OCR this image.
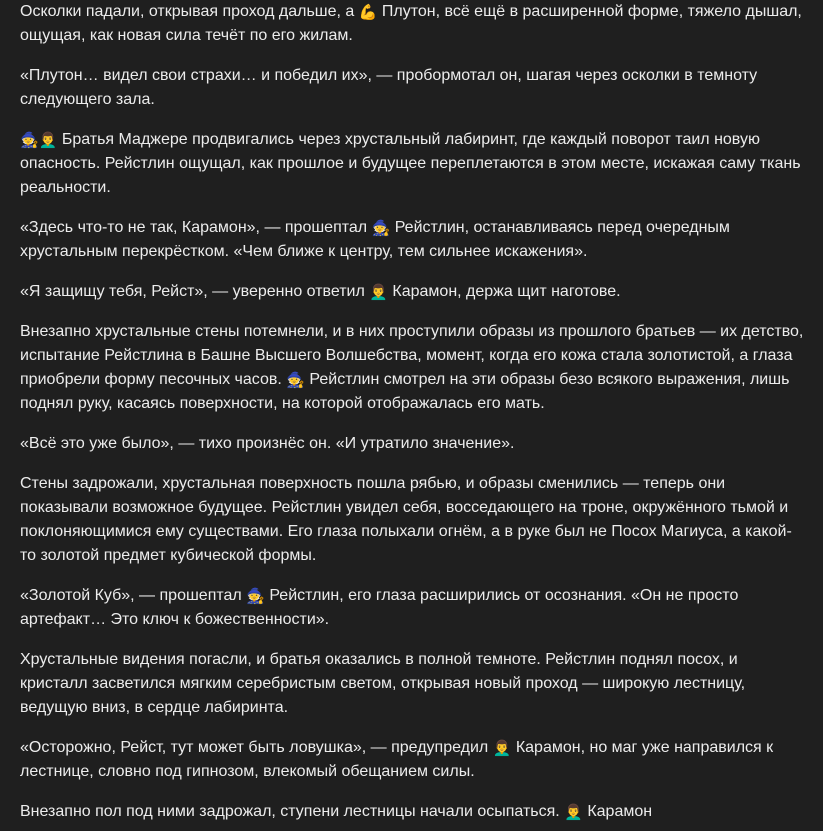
Осколки падали, открывая проход дальше, а 💪 Плутон, всё ещё в расширенной форме, тяжело дышал, ощущая, как новая сила течёт по его жилам.

«Плутон… видел свои страхи… и победил их», — пробормотал он, шагая через осколки в темноту следующего зала.

🧙👨‍🦱 Братья Маджере продвигались через хрустальный лабиринт, где каждый поворот таил новую опасность. Рейстлин ощущал, как прошлое и будущее переплетаются в этом месте, искажая саму ткань реальности.

«Здесь что-то не так, Карамон», — прошептал 🧙 Рейстлин, останавливаясь перед очередным хрустальным перекрёстком. «Чем ближе к центру, тем сильнее искажения».

«Я защищу тебя, Рейст», — уверенно ответил 👨‍🦱 Карамон, держа щит наготове.

Внезапно хрустальные стены потемнели, и в них проступили образы из прошлого братьев — их детство, испытание Рейстлина в Башне Высшего Волшебства, момент, когда его кожа стала золотистой, а глаза приобрели форму песочных часов. 🧙 Рейстлин смотрел на эти образы безо всякого выражения, лишь поднял руку, касаясь поверхности, на которой отображалась его мать.

«Всё это уже было», — тихо произнёс он. «И утратило значение».

Стены задрожали, хрустальная поверхность пошла рябью, и образы сменились — теперь они показывали возможное будущее. Рейстлин увидел себя, восседающего на троне, окружённого тьмой и поклоняющимися ему существами. Его глаза полыхали огнём, а в руке был не Посох Магиуса, а какой-то золотой предмет кубической формы.

«Золотой Куб», — прошептал 🧙 Рейстлин, его глаза расширились от осознания. «Он не просто артефакт… Это ключ к божественности».

Хрустальные видения погасли, и братья оказались в полной темноте. Рейстлин поднял посох, и кристалл засветился мягким серебристым светом, открывая новый проход — широкую лестницу, ведущую вниз, в сердце лабиринта.

«Осторожно, Рейст, тут может быть ловушка», — предупредил 👨‍🦱 Карамон, но маг уже направился к лестнице, словно под гипнозом, влекомый обещанием силы.

Внезапно пол под ними задрожал, ступени лестницы начали осыпаться. 👨‍🦱 Карамон
